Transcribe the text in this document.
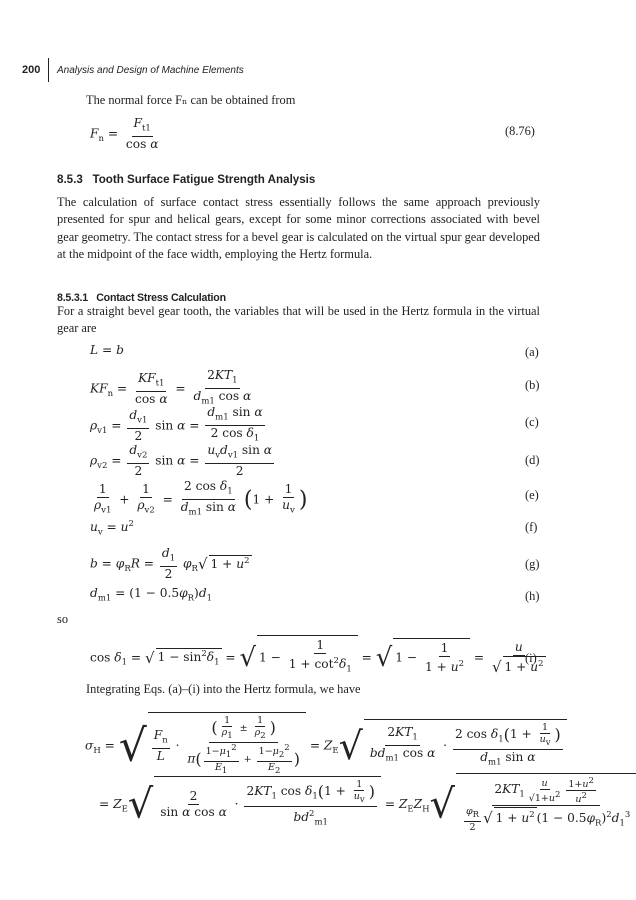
200 Analysis and Design of Machine Elements
The normal force Fₙ can be obtained from
$F_n = \frac{F_{t1}}{\text{cos α}}$	(8.76)
8.5.3 Tooth Surface Fatigue Strength Analysis
The calculation of surface contact stress essentially follows the same approach previously presented for spur and helical gears, except for some minor corrections associated with bevel gear geometry. The contact stress for a bevel gear is calculated on the virtual spur gear developed at the midpoint of the face width, employing the Hertz formula.
8.5.3.1 Contact Stress Calculation
For a straight bevel gear tooth, the variables that will be used in the Hertz formula in the virtual gear are
L = b	(a)
$KF_n = \frac{KF_{t1}}{\text{cos α}} = \frac{2KT_1}{d_{m1} \cos \alpha}$	(b)
$\rho_{v1} = \frac{d_{v1}}{2}$ $\sin \alpha = \frac{d_{m1} \sin \alpha}{2 \cos \delta_1}$	(c)
$\rho_{v2} = \frac{d_{v2}}{2}$ $\sin \alpha = \frac{u_vd_{v1} \sin \alpha}{2}$	(d)
$\frac{1}{\rho_{v1}} + \frac{1}{\rho_{v2}} = \frac{2 \cos \delta_1}{d_{m1} \sin \alpha} (1 + \frac{1}{u_v}$ )	(e)
$u_v = u^2$	(f)
$b = \varphi_RR = \frac{d_1}{2} \varphi_R√$ $1 + u^2$	(g)
$d_{m1} = (1 - 0.5\varphi_R)d_1$	(h)
so
$\cos \delta_1$ = √ $1 - \sin^2\delta_1$ = √ $1 - \frac{1}{1 + \cot^2\delta_1}$ = √ $1 - \frac{1}{1 + u^2} = \frac{u}{√ 1 + u^2}$
(i)
Integrating Eqs. (a)–(i) into the Hertz formula, we have
$\sigma_H$ = √ $\frac{F_n}{L} \cdot \frac{( \frac{1}{\rho_1} \pm \frac{1}{\rho_2} )}{\pi( \frac{1-\mu_1^2}{E_1} + \frac{1-\mu_2^2}{E_2} )} = Z_E√ \frac{2KT_1}{bd_{m1} \cos \alpha} \cdot \frac{2 \cos \delta_1(1 + \frac{1}{u_v} )}{d_{m1} \sin \alpha}$
= $Z_E√ \frac{2}{\text{sin α cos α}} \cdot \frac{2KT_1 \cos \delta_1(1 + \frac{1}{u_v} )}{bd^2_{m1}} = Z_EZ_H√ \frac{2KT_1 \frac{u}{√1+u^2} \frac{1+u^2}{u^2}}{\frac{\varphi_R}{2} √ 1 + u^2 (1 - 0.5\varphi_R)^2d_1^3}$
